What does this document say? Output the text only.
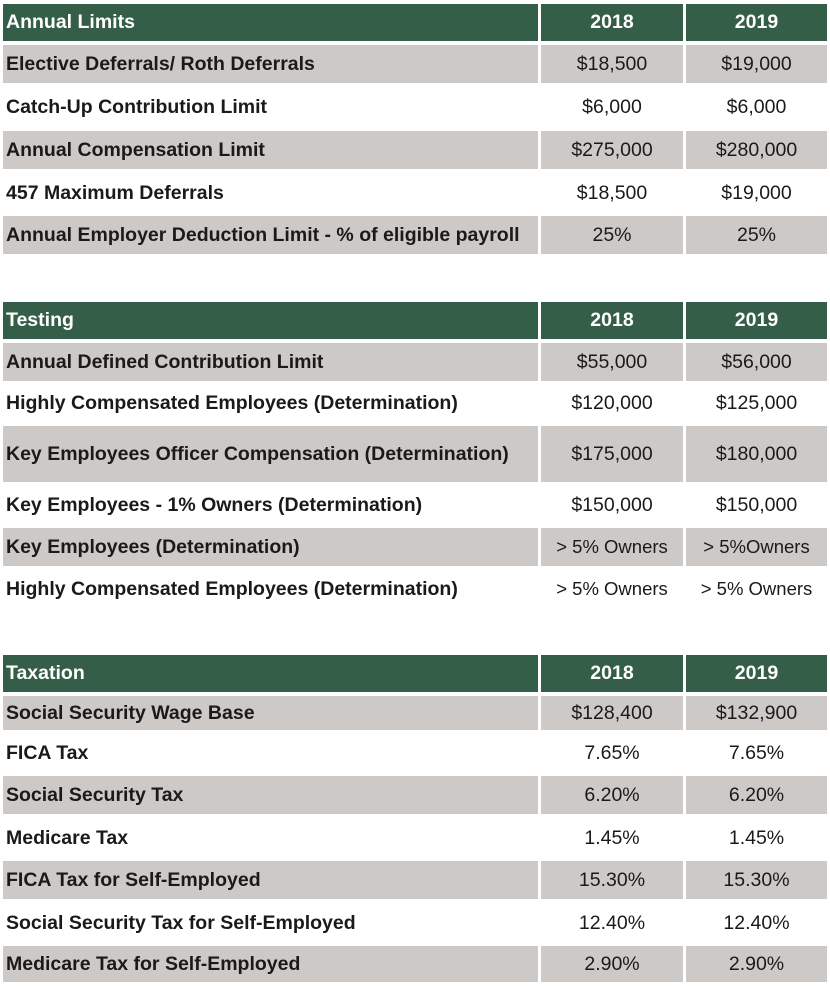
Annual Limits	2018	2019
Elective Deferrals/ Roth Deferrals	$18,500	$19,000
Catch-Up Contribution Limit	$6,000	$6,000
Annual Compensation Limit	$275,000	$280,000
457 Maximum Deferrals	$18,500	$19,000
Annual Employer Deduction Limit - % of eligible payroll	25%	25%
Testing	2018	2019
Annual Defined Contribution Limit	$55,000	$56,000
Highly Compensated Employees (Determination)	$120,000	$125,000
Key Employees Officer Compensation (Determination)	$175,000	$180,000
Key Employees - 1% Owners (Determination)	$150,000	$150,000
Key Employees (Determination)	> 5% Owners	> 5%Owners
Highly Compensated Employees (Determination)	> 5% Owners	> 5% Owners
Taxation	2018	2019
Social Security Wage Base	$128,400	$132,900
FICA Tax	7.65%	7.65%
Social Security Tax	6.20%	6.20%
Medicare Tax	1.45%	1.45%
FICA Tax for Self-Employed	15.30%	15.30%
Social Security Tax for Self-Employed	12.40%	12.40%
Medicare Tax for Self-Employed	2.90%	2.90%
